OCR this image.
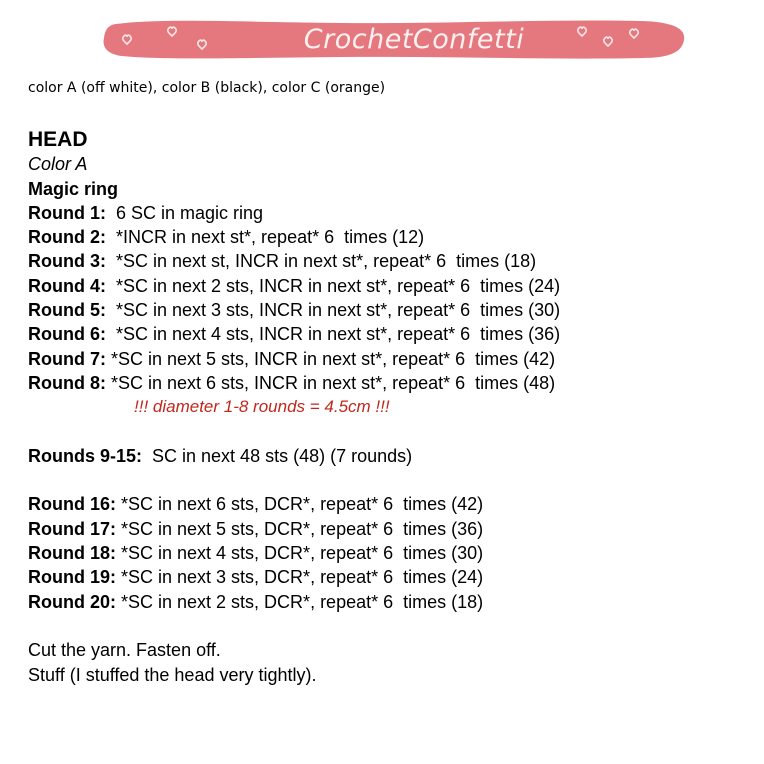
CrochetConfetti
color A (off white), color B (black), color C (orange)
HEAD
Color A
Magic ring
Round 1:  6 SC in magic ring
Round 2:  *INCR in next st*, repeat* 6  times (12)
Round 3:  *SC in next st, INCR in next st*, repeat* 6  times (18)
Round 4:  *SC in next 2 sts, INCR in next st*, repeat* 6  times (24)
Round 5:  *SC in next 3 sts, INCR in next st*, repeat* 6  times (30)
Round 6:  *SC in next 4 sts, INCR in next st*, repeat* 6  times (36)
Round 7: *SC in next 5 sts, INCR in next st*, repeat* 6  times (42)
Round 8: *SC in next 6 sts, INCR in next st*, repeat* 6  times (48)
!!! diameter 1-8 rounds = 4.5cm !!!
Rounds 9-15:  SC in next 48 sts (48) (7 rounds)
Round 16: *SC in next 6 sts, DCR*, repeat* 6  times (42)
Round 17: *SC in next 5 sts, DCR*, repeat* 6  times (36)
Round 18: *SC in next 4 sts, DCR*, repeat* 6  times (30)
Round 19: *SC in next 3 sts, DCR*, repeat* 6  times (24)
Round 20: *SC in next 2 sts, DCR*, repeat* 6  times (18)
Cut the yarn. Fasten off.
Stuff (I stuffed the head very tightly).
